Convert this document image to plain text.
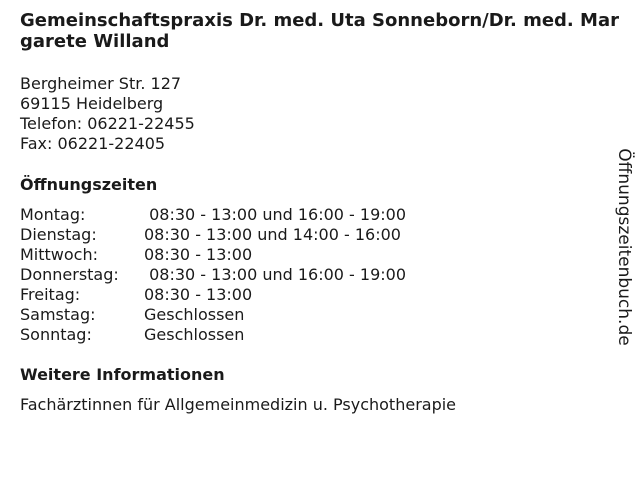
Gemeinschaftspraxis Dr. med. Uta Sonneborn/Dr. med. Margarete Willand
Bergheimer Str. 127
69115 Heidelberg
Telefon: 06221-22455
Fax: 06221-22405
Öffnungszeiten
Montag:	08:30 - 13:00 und 16:00 - 19:00
Dienstag:	08:30 - 13:00 und 14:00 - 16:00
Mittwoch:	08:30 - 13:00
Donnerstag:	08:30 - 13:00 und 16:00 - 19:00
Freitag:	08:30 - 13:00
Samstag:	Geschlossen
Sonntag:	Geschlossen
Weitere Informationen
Fachärztinnen für Allgemeinmedizin u. Psychotherapie
Öffnungszeitenbuch.de
